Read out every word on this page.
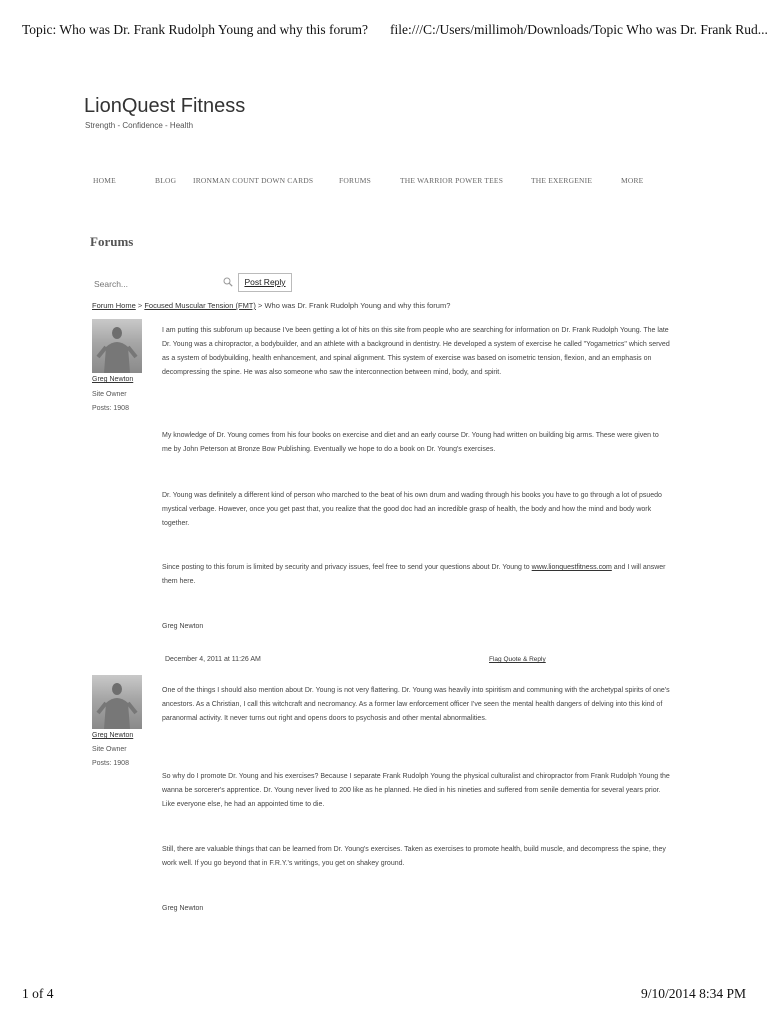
Topic: Who was Dr. Frank Rudolph Young and why this forum? file:///C:/Users/millimoh/Downloads/Topic Who was Dr. Frank Rud...
LionQuest Fitness
Strength - Confidence - Health
HOME	BLOG IRONMAN COUNT DOWN CARDS	FORUMS	THE WARRIOR POWER TEES	THE EXERGENIE	MORE
Forums
Search...
Post Reply
Forum Home > Focused Muscular Tension (FMT) > Who was Dr. Frank Rudolph Young and why this forum?
Greg Newton
Site Owner
Posts: 1908
I am putting this subforum up because I've been getting a lot of hits on this site from people who are searching for information on Dr. Frank Rudolph Young. The late Dr. Young was a chiropractor, a bodybuilder, and an athlete with a background in dentistry. He developed a system of exercise he called "Yogametrics" which served as a system of bodybuilding, health enhancement, and spinal alignment. This system of exercise was based on isometric tension, flexion, and an emphasis on decompressing the spine. He was also someone who saw the interconnection between mind, body, and spirit.
My knowledge of Dr. Young comes from his four books on exercise and diet and an early course Dr. Young had written on building big arms. These were given to me by John Peterson at Bronze Bow Publishing. Eventually we hope to do a book on Dr. Young's exercises.
Dr. Young was definitely a different kind of person who marched to the beat of his own drum and wading through his books you have to go through a lot of psuedo mystical verbage. However, once you get past that, you realize that the good doc had an incredible grasp of health, the body and how the mind and body work together.
Since posting to this forum is limited by security and privacy issues, feel free to send your questions about Dr. Young to www.lionquestfitness.com and I will answer them here.
Greg Newton
December 4, 2011 at 11:26 AM	Flag Quote & Reply
Greg Newton
Site Owner
Posts: 1908
One of the things I should also mention about Dr. Young is not very flattering. Dr. Young was heavily into spiritism and communing with the archetypal spirits of one's ancestors. As a Christian, I call this witchcraft and necromancy. As a former law enforcement officer I've seen the mental health dangers of delving into this kind of paranormal activity. It never turns out right and opens doors to psychosis and other mental abnormalities.
So why do I promote Dr. Young and his exercises? Because I separate Frank Rudolph Young the physical culturalist and chiropractor from Frank Rudolph Young the wanna be sorcerer's apprentice. Dr. Young never lived to 200 like as he planned. He died in his nineties and suffered from senile dementia for several years prior. Like everyone else, he had an appointed time to die.
Still, there are valuable things that can be learned from Dr. Young's exercises. Taken as exercises to promote health, build muscle, and decompress the spine, they work well. If you go beyond that in F.R.Y.'s writings, you get on shakey ground.
Greg Newton
1 of 4	9/10/2014 8:34 PM
